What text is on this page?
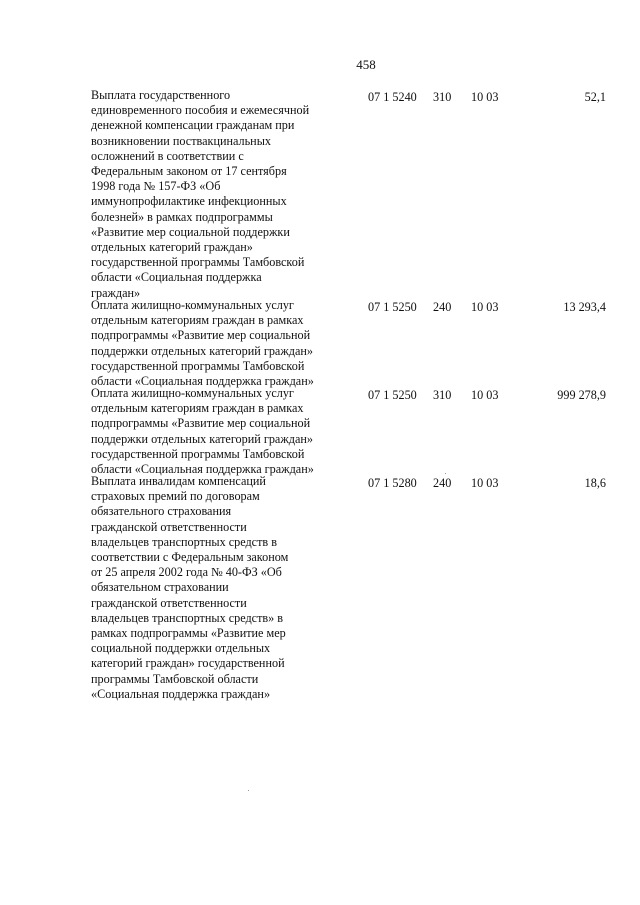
458
Выплата государственного
единовременного пособия и ежемесячной
денежной компенсации гражданам при
возникновении поствакцинальных
осложнений в соответствии с
Федеральным законом от 17 сентября
1998 года № 157-ФЗ «Об
иммунопрофилактике инфекционных
болезней» в рамках подпрограммы
«Развитие мер социальной поддержки
отдельных категорий граждан»
государственной программы Тамбовской
области «Социальная поддержка
граждан»
07 1 5240 310 10 03	52,1
Оплата жилищно-коммунальных услуг
отдельным категориям граждан в рамках
подпрограммы «Развитие мер социальной
поддержки отдельных категорий граждан»
государственной программы Тамбовской
области «Социальная поддержка граждан»
07 1 5250 240 10 03	13 293,4
Оплата жилищно-коммунальных услуг
отдельным категориям граждан в рамках
подпрограммы «Развитие мер социальной
поддержки отдельных категорий граждан»
государственной программы Тамбовской
области «Социальная поддержка граждан»
07 1 5250 310 10 03	999 278,9
Выплата инвалидам компенсаций
страховых премий по договорам
обязательного страхования
гражданской ответственности
владельцев транспортных средств в
соответствии с Федеральным законом
от 25 апреля 2002 года № 40-ФЗ «Об
обязательном страховании
гражданской ответственности
владельцев транспортных средств» в
рамках подпрограммы «Развитие мер
социальной поддержки отдельных
категорий граждан» государственной
программы Тамбовской области
«Социальная поддержка граждан»
07 1 5280 240 10 03	18,6
